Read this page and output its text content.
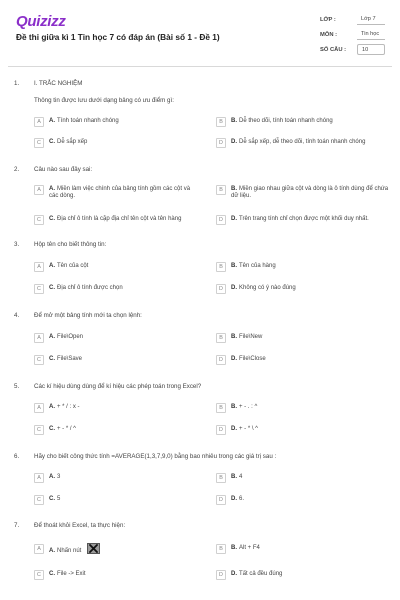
Quizizz
Đề thi giữa kì 1 Tin học 7 có đáp án (Bài số 1 - Đề 1)
LỚP :	Lớp 7
MÔN :	Tin học
SỐ CÂU :	10
1. I. TRẮC NGHIỆM
Thông tin được lưu dưới dạng bảng có ưu điểm gì:
A	A. Tính toán nhanh chóng	B	B. Dễ theo dõi, tính toán nhanh chóng
C	C. Dễ sắp xếp	D	D. Dễ sắp xếp, dễ theo dõi, tính toán nhanh chóng
2. Câu nào sau đây sai:
A	A. Miền làm việc chính của bảng tính gồm các cột và các dòng.
B	B. Miền giao nhau giữa cột và dòng là ô tính dùng để chứa dữ liệu.
C	C. Địa chỉ ô tính là cặp địa chỉ tên cột và tên hàng	D	D. Trên trang tính chỉ chọn được một khối duy nhất.
3. Hộp tên cho biết thông tin:
A	A. Tên của cột	B	B. Tên của hàng
C	C. Địa chỉ ô tính được chọn	D	D. Không có ý nào đúng
4. Để mở một bảng tính mới ta chọn lệnh:
A	A. File\Open	B	B. File\New
C	C. File\Save	D	D. File\Close
5. Các kí hiệu dùng dùng để kí hiệu các phép toán trong Excel?
A	A. + * / : x -	B	B. + - . : ^
C	C. + - * / ^	D	D. + - * \ ^
6. Hãy cho biết công thức tính =AVERAGE(1,3,7,9,0) bằng bao nhiêu trong các giá trị sau :
A	A. 3	B	B. 4
C	C. 5	D	D. 6.
7. Để thoát khỏi Excel, ta thực hiện:
A	A. Nhấn nút	B	B. Alt + F4
C	C. File -> Exit	D	D. Tất cả đều đúng
